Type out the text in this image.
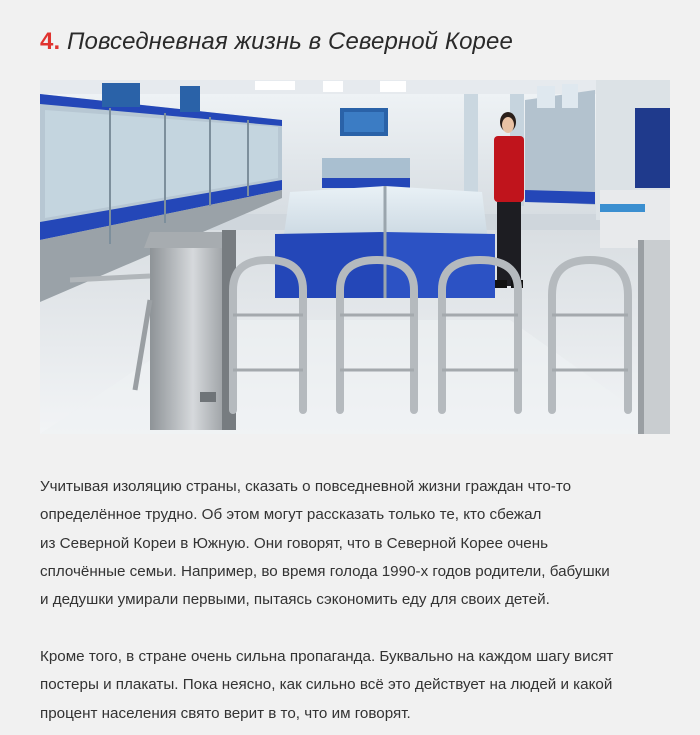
4. Повседневная жизнь в Северной Корее

Учитывая изоляцию страны, сказать о повседневной жизни граждан что-то
определённое трудно. Об этом могут рассказать только те, кто сбежал
из Северной Кореи в Южную. Они говорят, что в Северной Корее очень
сплочённые семьи. Например, во время голода 1990-х годов родители, бабушки
и дедушки умирали первыми, пытаясь сэкономить еду для своих детей.

Кроме того, в стране очень сильна пропаганда. Буквально на каждом шагу висят
постеры и плакаты. Пока неясно, как сильно всё это действует на людей и какой
процент населения свято верит в то, что им говорят.
